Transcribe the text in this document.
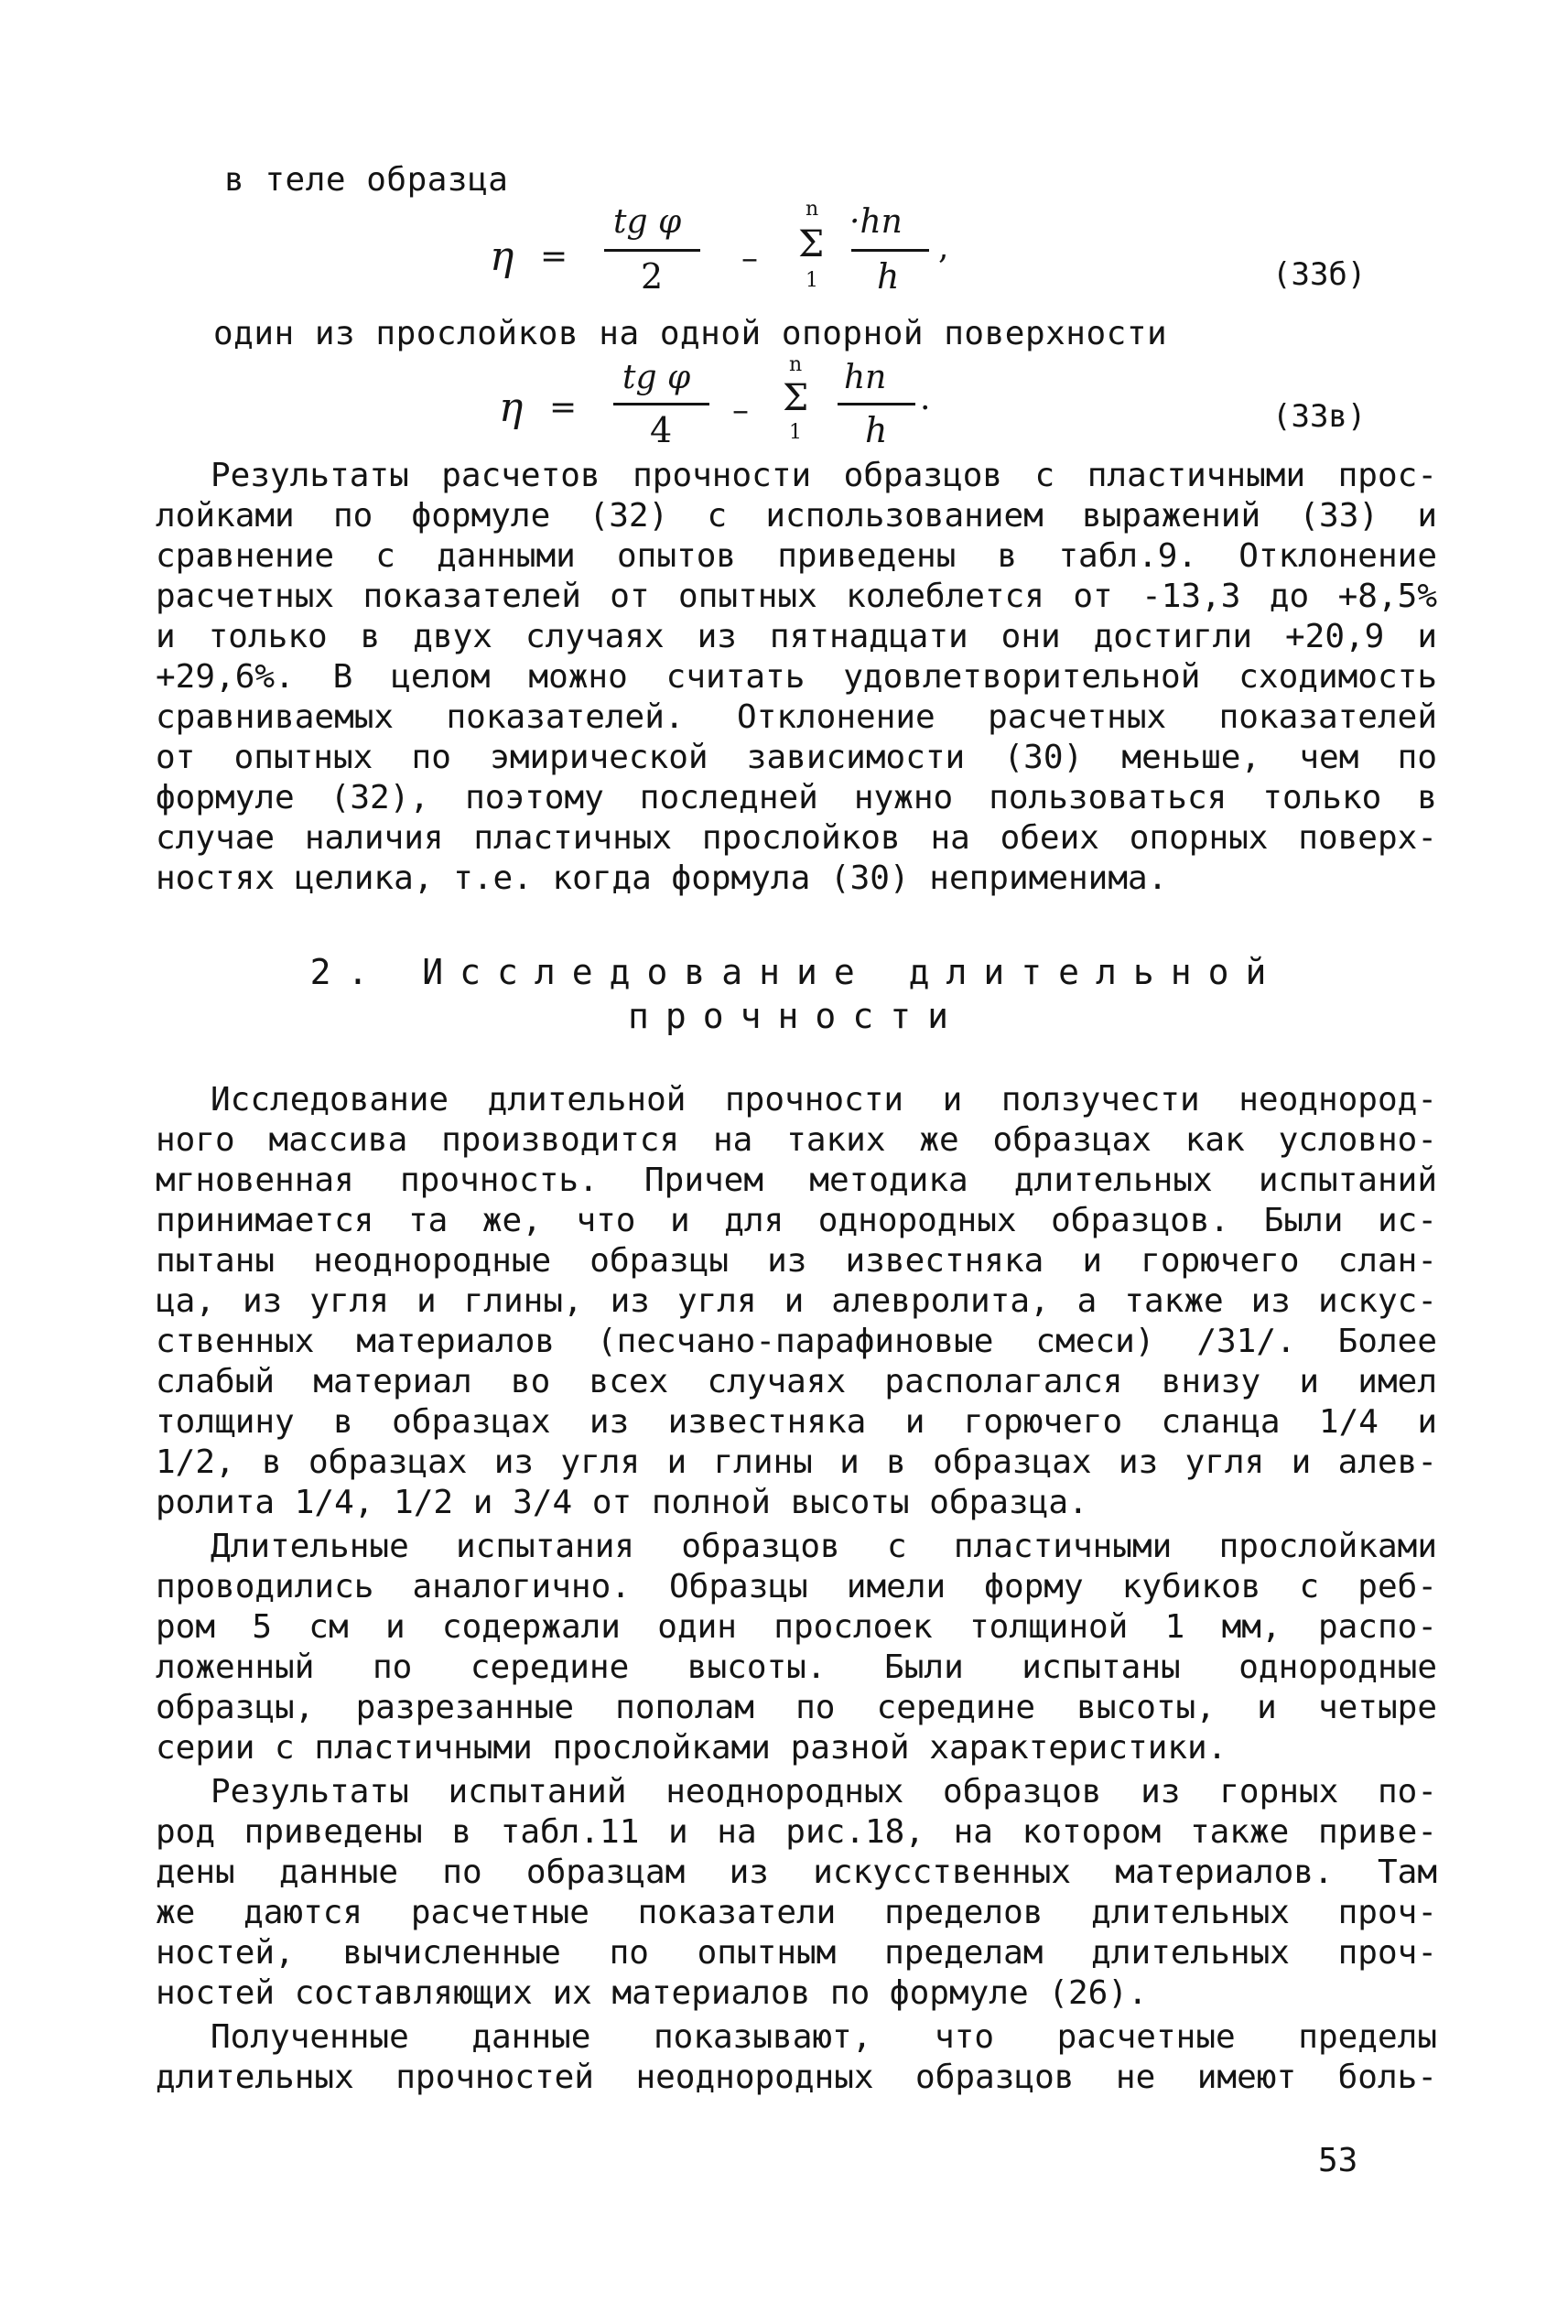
в теле образца
η =
tg φ
2 –
n
Σ
1
·hn
h
,
(33б)
один из прослойков на одной опорной поверхности
η =
tg φ
4 –
n
Σ
1
hn
h
.	(33в)
Результаты расчетов прочности образцов с пластичными прос-
лойками по формуле (32) с использованием выражений (33) и
сравнение с данными опытов приведены в табл.9. Отклонение
расчетных показателей от опытных колеблется от -13,3 до +8,5%
и только в двух случаях из пятнадцати они достигли +20,9 и
+29,6%. В целом можно считать удовлетворительной сходимость
сравниваемых показателей. Отклонение расчетных показателей
от опытных по эмирической зависимости (30) меньше, чем по
формуле (32), поэтому последней нужно пользоваться только в
случае наличия пластичных прослойков на обеих опорных поверх-
ностях целика, т.е. когда формула (30) неприменима.
2. Исследование длительной
прочности
Исследование длительной прочности и ползучести неоднород-
ного массива производится на таких же образцах как условно-
мгновенная прочность. Причем методика длительных испытаний
принимается та же, что и для однородных образцов. Были ис-
пытаны неоднородные образцы из известняка и горючего слан-
ца, из угля и глины, из угля и алевролита, а также из искус-
ственных материалов (песчано-парафиновые смеси) /31/. Более
слабый материал во всех случаях располагался внизу и имел
толщину в образцах из известняка и горючего сланца 1/4 и
1/2, в образцах из угля и глины и в образцах из угля и алев-
ролита 1/4, 1/2 и 3/4 от полной высоты образца.
Длительные испытания образцов с пластичными прослойками
проводились аналогично. Образцы имели форму кубиков с реб-
ром 5 см и содержали один прослоек толщиной 1 мм, распо-
ложенный по середине высоты. Были испытаны однородные
образцы, разрезанные пополам по середине высоты, и четыре
серии с пластичными прослойками разной характеристики.
Результаты испытаний неоднородных образцов из горных по-
род приведены в табл.11 и на рис.18, на котором также приве-
дены данные по образцам из искусственных материалов. Там
же даются расчетные показатели пределов длительных проч-
ностей, вычисленные по опытным пределам длительных проч-
ностей составляющих их материалов по формуле (26).
Полученные данные показывают, что расчетные пределы
длительных прочностей неоднородных образцов не имеют боль-
53
